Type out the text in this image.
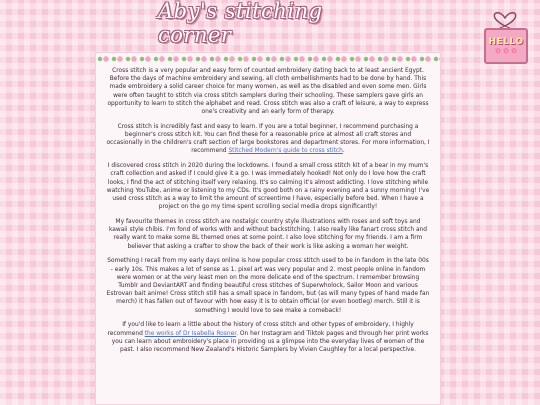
Aby's stitching corner	HELLO
✿ ✿ ✿

Cross stitch is a very popular and easy form of counted embroidery dating back to at least ancient Egypt. Before the days of machine embroidery and sewing, all cloth embellishments had to be done by hand. This made embroidery a solid career choice for many women, as well as the disabled and even some men. Girls were often taught to stitch via cross stitch samplers during their schooling. These samplers gave girls an opportunity to learn to stitch the alphabet and read. Cross stitch was also a craft of leisure, a way to express one's creativity and an early form of therapy.

Cross stitch is incredibly fast and easy to learn. If you are a total beginner, I recommend purchasing a beginner's cross stitch kit. You can find these for a reasonable price at almost all craft stores and occasionally in the children's craft section of large bookstores and department stores. For more information, I recommend Stitched Modern's guide to cross stitch.

I discovered cross stitch in 2020 during the lockdowns. I found a small cross stitch kit of a bear in my mum's craft collection and asked if I could give it a go. I was immediately hooked! Not only do I love how the craft looks, I find the act of stitching itself very relaxing. It's so calming it's almost addicting. I love stitching while watching YouTube, anime or listening to my CDs. It's good both on a rainy evening and a sunny morning! I've used cross stitch as a way to limit the amount of screentime I have, especially before bed. When I have a project on the go my time spent scrolling social media drops significantly!

My favourite themes in cross stitch are nostalgic country style illustrations with roses and soft toys and kawaii style chibis. I'm fond of works with and without backstitching. I also really like fanart cross stitch and really want to make some BL themed ones at some point. I also love stitching for my friends. I am a firm believer that asking a crafter to show the back of their work is like asking a woman her weight.

Something I recall from my early days online is how popular cross stitch used to be in fandom in the late 00s - early 10s. This makes a lot of sense as 1. pixel art was very popular and 2. most people online in fandom were women or at the very least men on the more delicate end of the spectrum. I remember browsing Tumblr and DeviantART and finding beautiful cross stitches of Superwholock, Sailor Moon and various Estrovan bait anime! Cross stitch still has a small space in fandom, but (as will many types of hand made fan merch) it has fallen out of favour with how easy it is to obtain official (or even bootleg) merch. Still it is something I would love to see make a comeback!

If you'd like to learn a little about the history of cross stitch and other types of embroidery, I highly recommend the works of Dr Isabella Rosner. On her Instagram and Tiktok pages and through her print works you can learn about embroidery's place in providing us a glimpse into the everyday lives of women of the past. I also recommend New Zealand's Historic Samplers by Vivien Caughley for a local perspective.
